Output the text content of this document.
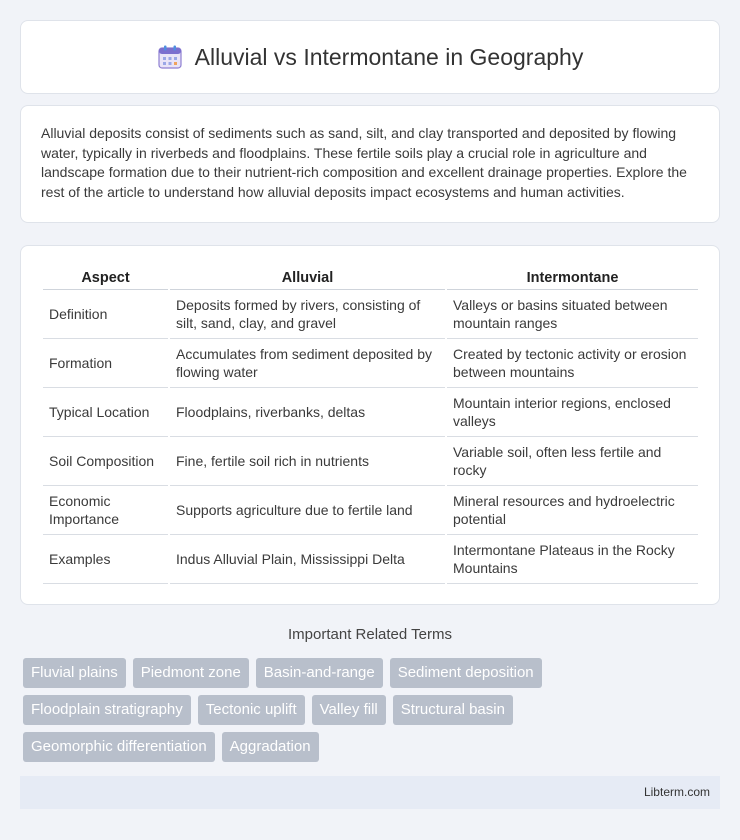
Alluvial vs Intermontane in Geography

Alluvial deposits consist of sediments such as sand, silt, and clay transported and deposited by flowing water, typically in riverbeds and floodplains. These fertile soils play a crucial role in agriculture and landscape formation due to their nutrient-rich composition and excellent drainage properties. Explore the rest of the article to understand how alluvial deposits impact ecosystems and human activities.

Aspect	Alluvial	Intermontane
Definition	Deposits formed by rivers, consisting of silt, sand, clay, and gravel	Valleys or basins situated between mountain ranges
Formation	Accumulates from sediment deposited by flowing water	Created by tectonic activity or erosion between mountains
Typical Location	Floodplains, riverbanks, deltas	Mountain interior regions, enclosed valleys
Soil Composition	Fine, fertile soil rich in nutrients	Variable soil, often less fertile and rocky
Economic Importance	Supports agriculture due to fertile land	Mineral resources and hydroelectric potential
Examples	Indus Alluvial Plain, Mississippi Delta	Intermontane Plateaus in the Rocky Mountains
Important Related Terms
Fluvial plains	Piedmont zone	Basin-and-range	Sediment deposition
Floodplain stratigraphy	Tectonic uplift	Valley fill	Structural basin
Geomorphic differentiation	Aggradation
Libterm.com
